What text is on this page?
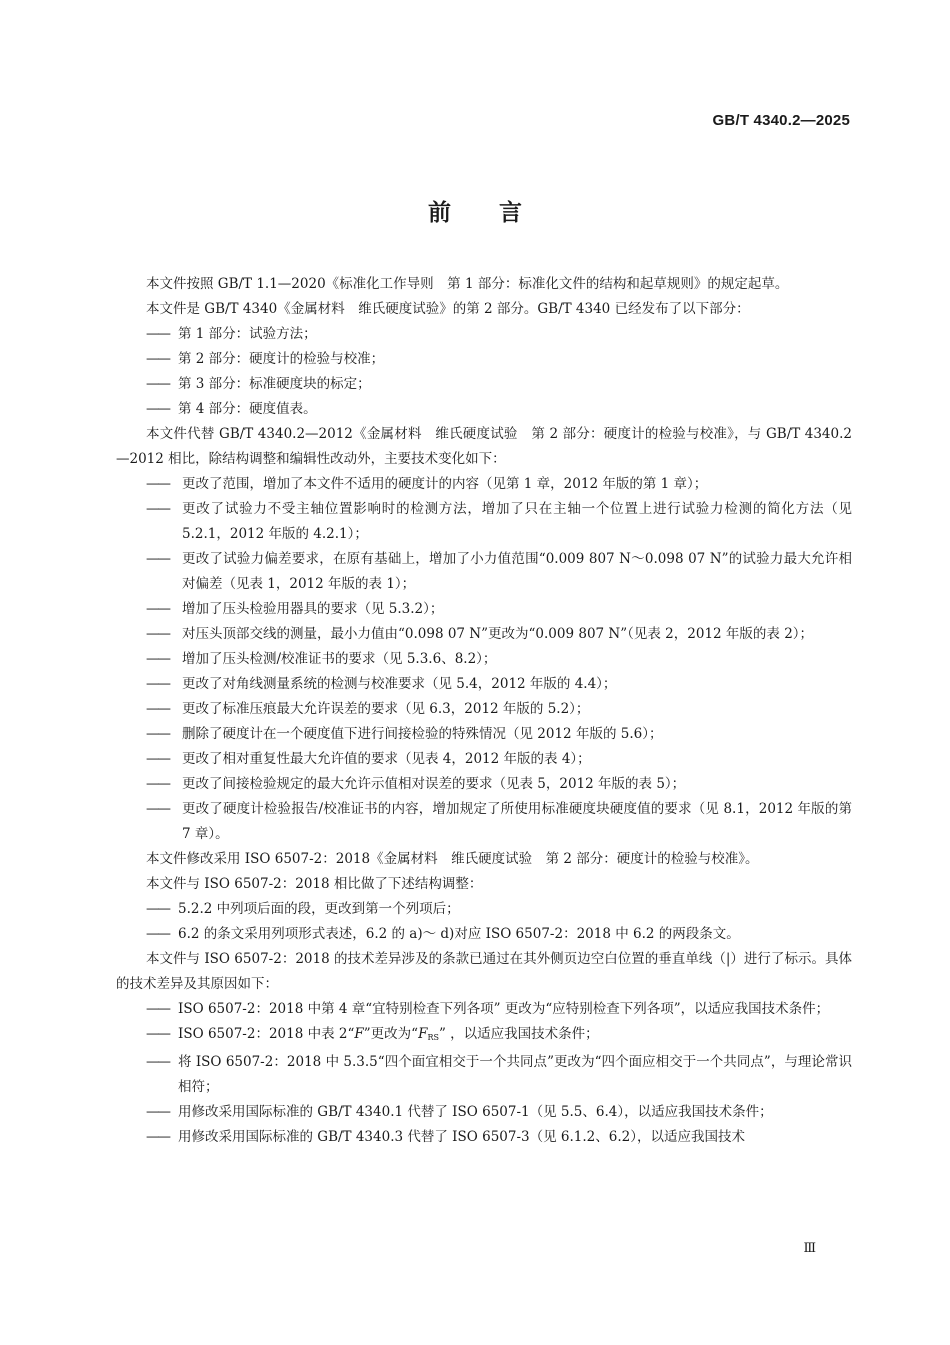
GB/T 4340.2—2025
前 言

本文件按照 GB/T 1.1—2020《标准化工作导则　第 1 部分：标准化文件的结构和起草规则》的规定起草。

本文件是 GB/T 4340《金属材料　维氏硬度试验》的第 2 部分。GB/T 4340 已经发布了以下部分：

—— 第 1 部分：试验方法；

—— 第 2 部分：硬度计的检验与校准；

—— 第 3 部分：标准硬度块的标定；

—— 第 4 部分：硬度值表。

本文件代替 GB/T 4340.2—2012《金属材料　维氏硬度试验　第 2 部分：硬度计的检验与校准》，与 GB/T 4340.2—2012 相比，除结构调整和编辑性改动外，主要技术变化如下：

—— 更改了范围，增加了本文件不适用的硬度计的内容（见第 1 章，2012 年版的第 1 章）；

—— 更改了试验力不受主轴位置影响时的检测方法，增加了只在主轴一个位置上进行试验力检测的简化方法（见 5.2.1，2012 年版的 4.2.1）；

—— 更改了试验力偏差要求，在原有基础上，增加了小力值范围“0.009 807 N～0.098 07 N”的试验力最大允许相对偏差（见表 1，2012 年版的表 1）；

—— 增加了压头检验用器具的要求（见 5.3.2）；

—— 对压头顶部交线的测量，最小力值由“0.098 07 N”更改为“0.009 807 N”（见表 2，2012 年版的表 2）；

—— 增加了压头检测/校准证书的要求（见 5.3.6、8.2）；

—— 更改了对角线测量系统的检测与校准要求（见 5.4，2012 年版的 4.4）；

—— 更改了标准压痕最大允许误差的要求（见 6.3，2012 年版的 5.2）；

—— 删除了硬度计在一个硬度值下进行间接检验的特殊情况（见 2012 年版的 5.6）；

—— 更改了相对重复性最大允许值的要求（见表 4，2012 年版的表 4）；

—— 更改了间接检验规定的最大允许示值相对误差的要求（见表 5，2012 年版的表 5）；

—— 更改了硬度计检验报告/校准证书的内容，增加规定了所使用标准硬度块硬度值的要求（见 8.1，2012 年版的第 7 章）。

本文件修改采用 ISO 6507-2：2018《金属材料　维氏硬度试验　第 2 部分：硬度计的检验与校准》。

本文件与 ISO 6507-2：2018 相比做了下述结构调整：

—— 5.2.2 中列项后面的段，更改到第一个列项后；

—— 6.2 的条文采用列项形式表述，6.2 的 a)～ d)对应 ISO 6507-2：2018 中 6.2 的两段条文。

本文件与 ISO 6507-2：2018 的技术差异涉及的条款已通过在其外侧页边空白位置的垂直单线（|）进行了标示。具体的技术差异及其原因如下：

—— ISO 6507-2：2018 中第 4 章“宜特别检查下列各项” 更改为“应特别检查下列各项”，以适应我国技术条件；

—— ISO 6507-2：2018 中表 2“F”更改为“$F_{RS}$” ，以适应我国技术条件；

—— 将 ISO 6507-2：2018 中 5.3.5“四个面宜相交于一个共同点”更改为“四个面应相交于一个共同点”，与理论常识相符；

—— 用修改采用国际标准的 GB/T 4340.1 代替了 ISO 6507-1（见 5.5、6.4），以适应我国技术条件；

—— 用修改采用国际标准的 GB/T 4340.3 代替了 ISO 6507-3（见 6.1.2、6.2），以适应我国技术

Ⅲ
